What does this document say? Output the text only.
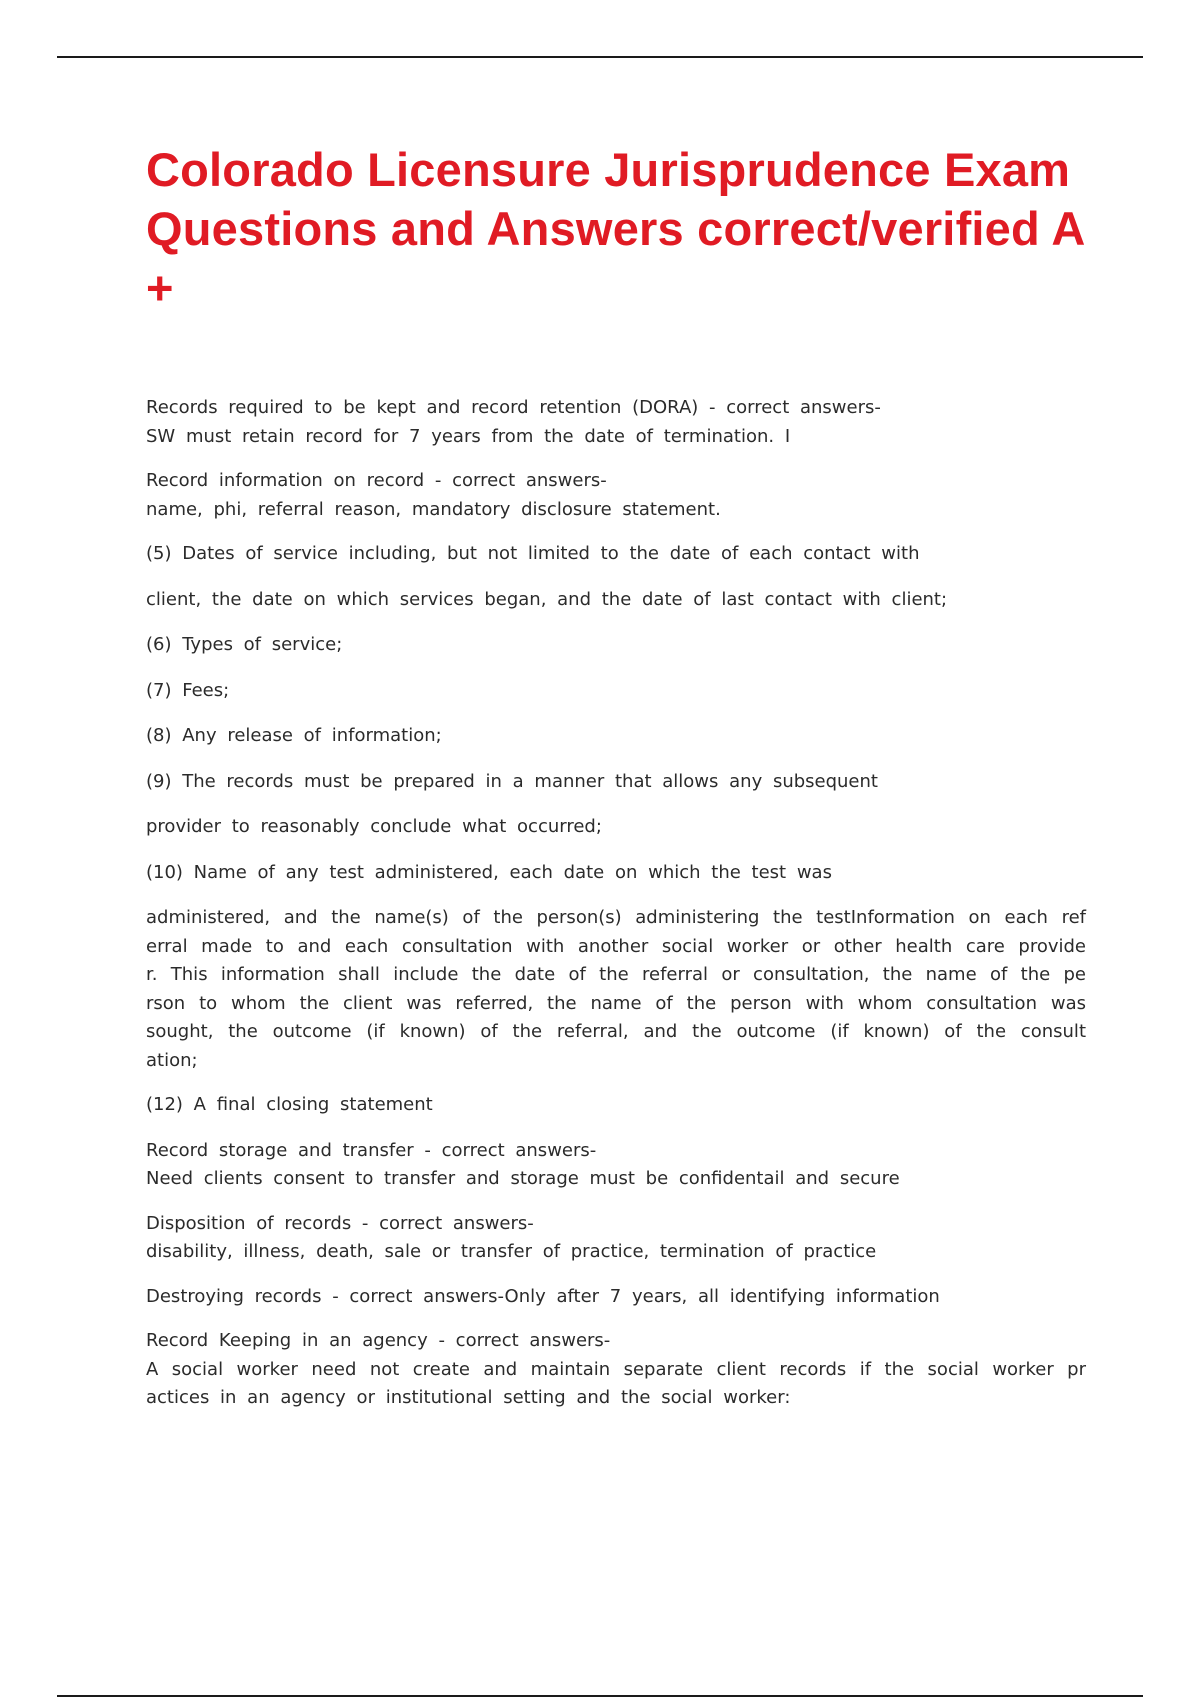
Colorado Licensure Jurisprudence Exam Questions and Answers correct/verified A+

Records required to be kept and record retention (DORA) - correct answers-
SW must retain record for 7 years from the date of termination. I

Record information on record - correct answers-
name, phi, referral reason, mandatory disclosure statement.

(5) Dates of service including, but not limited to the date of each contact with

client, the date on which services began, and the date of last contact with client;

(6) Types of service;

(7) Fees;

(8) Any release of information;

(9) The records must be prepared in a manner that allows any subsequent

provider to reasonably conclude what occurred;

(10) Name of any test administered, each date on which the test was

administered, and the name(s) of the person(s) administering the testInformation on each ref
erral made to and each consultation with another social worker or other health care provide
r. This information shall include the date of the referral or consultation, the name of the pe
rson to whom the client was referred, the name of the person with whom consultation was
sought, the outcome (if known) of the referral, and the outcome (if known) of the consult
ation;

(12) A final closing statement

Record storage and transfer - correct answers-
Need clients consent to transfer and storage must be confidentail and secure

Disposition of records - correct answers-
disability, illness, death, sale or transfer of practice, termination of practice

Destroying records - correct answers-Only after 7 years, all identifying information

Record Keeping in an agency - correct answers-
A social worker need not create and maintain separate client records if the social worker pr
actices in an agency or institutional setting and the social worker:
